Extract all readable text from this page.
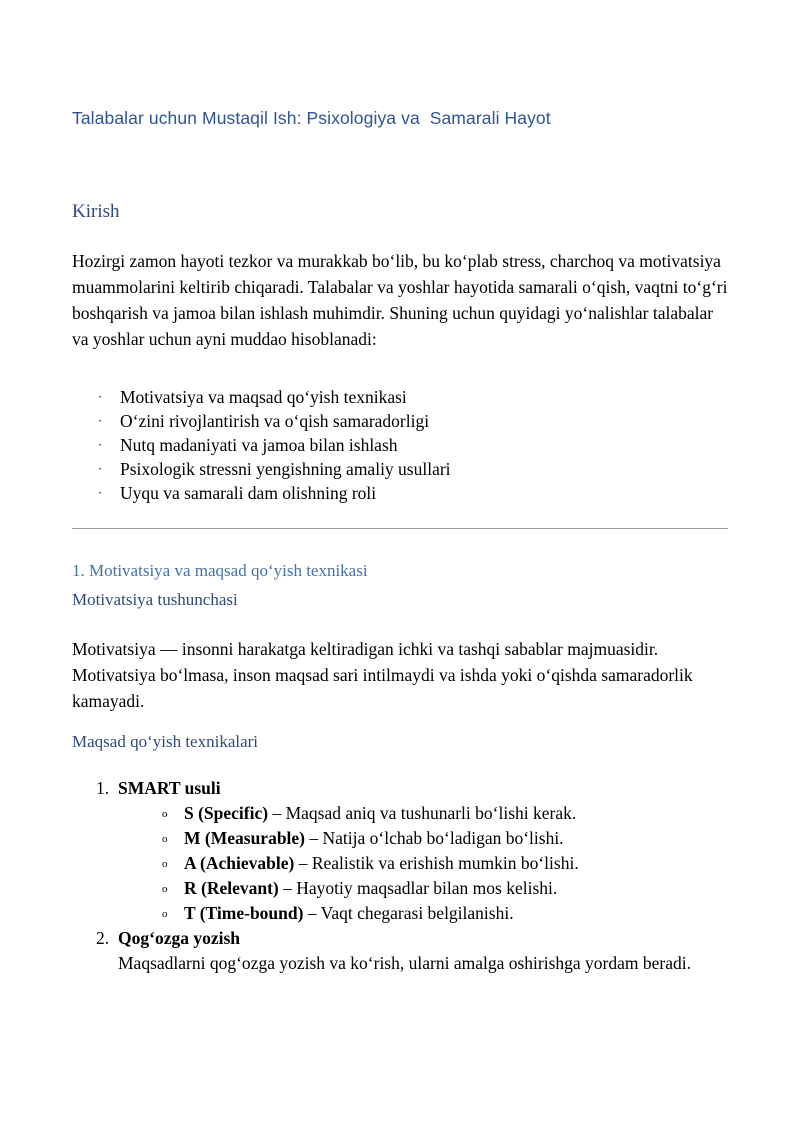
Talabalar uchun Mustaqil Ish: Psixologiya va  Samarali Hayot
Kirish

Hozirgi zamon hayoti tezkor va murakkab bo‘lib, bu ko‘plab stress, charchoq va motivatsiya muammolarini keltirib chiqaradi. Talabalar va yoshlar hayotida samarali o‘qish, vaqtni to‘g‘ri boshqarish va jamoa bilan ishlash muhimdir. Shuning uchun quyidagi yo‘nalishlar talabalar va yoshlar uchun ayni muddao hisoblanadi:

· Motivatsiya va maqsad qo‘yish texnikasi
· O‘zini rivojlantirish va o‘qish samaradorligi
· Nutq madaniyati va jamoa bilan ishlash
· Psixologik stressni yengishning amaliy usullari
· Uyqu va samarali dam olishning roli
1. Motivatsiya va maqsad qo‘yish texnikasi
Motivatsiya tushunchasi

Motivatsiya — insonni harakatga keltiradigan ichki va tashqi sabablar majmuasidir. Motivatsiya bo‘lmasa, inson maqsad sari intilmaydi va ishda yoki o‘qishda samaradorlik kamayadi.

Maqsad qo‘yish texnikalari
1. SMART usuli
o S (Specific) – Maqsad aniq va tushunarli bo‘lishi kerak.
o M (Measurable) – Natija o‘lchab bo‘ladigan bo‘lishi.
o A (Achievable) – Realistik va erishish mumkin bo‘lishi.
o R (Relevant) – Hayotiy maqsadlar bilan mos kelishi.
o T (Time-bound) – Vaqt chegarasi belgilanishi.
2. Qog‘ozga yozish
Maqsadlarni qog‘ozga yozish va ko‘rish, ularni amalga oshirishga yordam beradi.
